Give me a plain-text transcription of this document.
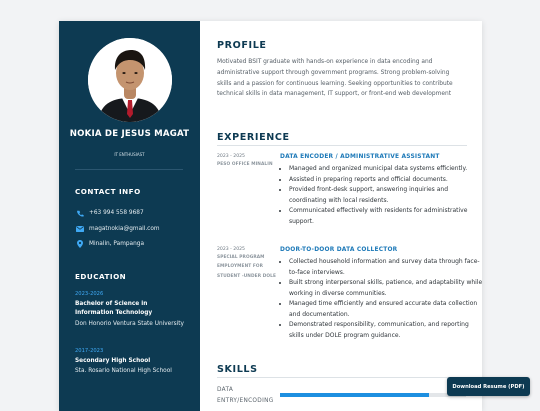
NOKIA DE JESUS MAGAT
IT ENTHUSIAST
CONTACT INFO
+63 994 558 9687
magatnokia@gmail.com
Minalin, Pampanga
EDUCATION
2023-2026
Bachelor of Science in Information Technology
Don Honorio Ventura State University
2017-2023
Secondary High School
Sta. Rosario National High School
PROFILE
Motivated BSIT graduate with hands-on experience in data encoding and administrative support through government programs. Strong problem-solving skills and a passion for continuous learning. Seeking opportunities to contribute technical skills in data management, IT support, or front-end web development
EXPERIENCE
2023 - 2025
PESO OFFICE MINALIN
DATA ENCODER / ADMINISTRATIVE ASSISTANT
• Managed and organized municipal data systems efficiently.
• Assisted in preparing reports and official documents.
• Provided front-desk support, answering inquiries and coordinating with local residents.
• Communicated effectively with residents for administrative support.
2023 - 2025
SPECIAL PROGRAM EMPLOYMENT FOR STUDENT -UNDER DOLE
DOOR-TO-DOOR DATA COLLECTOR
• Collected household information and survey data through face-to-face interviews.
• Built strong interpersonal skills, patience, and adaptability while working in diverse communities.
• Managed time efficiently and ensured accurate data collection and documentation.
• Demonstrated responsibility, communication, and reporting skills under DOLE program guidance.
SKILLS
DATA ENTRY/ENCODING
Download Resume (PDF)
